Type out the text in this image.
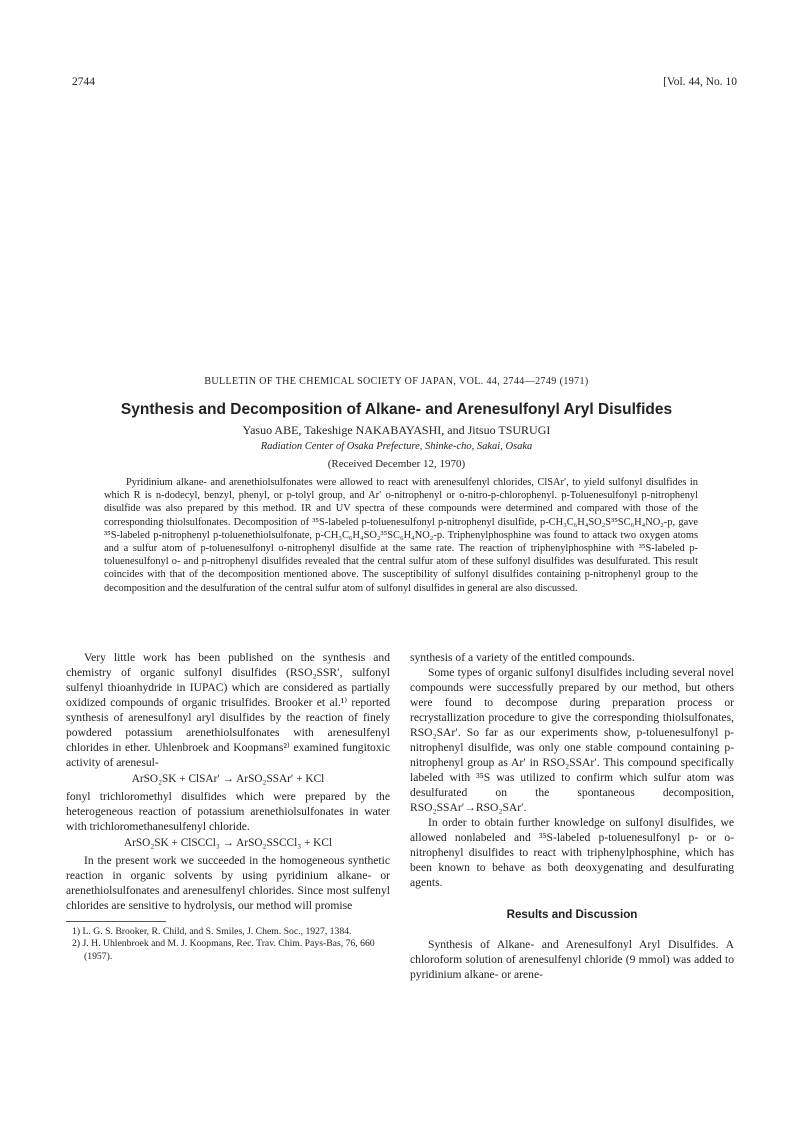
2744	[Vol. 44, No. 10
BULLETIN OF THE CHEMICAL SOCIETY OF JAPAN, VOL. 44, 2744—2749 (1971)
Synthesis and Decomposition of Alkane- and Arenesulfonyl Aryl Disulfides
Yasuo ABE, Takeshige NAKABAYASHI, and Jitsuo TSURUGI
Radiation Center of Osaka Prefecture, Shinke-cho, Sakai, Osaka
(Received December 12, 1970)

Pyridinium alkane- and arenethiolsulfonates were allowed to react with arenesulfenyl chlorides, ClSAr′, to yield sulfonyl disulfides in which R is n-dodecyl, benzyl, phenyl, or p-tolyl group, and Ar′ o-nitrophenyl or o-nitro-p-chlorophenyl. p-Toluenesulfonyl p-nitrophenyl disulfide was also prepared by this method. IR and UV spectra of these compounds were determined and compared with those of the corresponding thiolsulfonates. Decomposition of ³⁵S-labeled p-toluenesulfonyl p-nitrophenyl disulfide, p-CH₃C₆H₄SO₂S³⁵SC₆H₄NO₂-p, gave ³⁵S-labeled p-nitrophenyl p-toluenethiolsulfonate, p-CH₃C₆H₄SO₂³⁵SC₆H₄NO₂-p. Triphenylphosphine was found to attack two oxygen atoms and a sulfur atom of p-toluenesulfonyl o-nitrophenyl disulfide at the same rate. The reaction of triphenylphosphine with ³⁵S-labeled p-toluenesulfonyl o- and p-nitrophenyl disulfides revealed that the central sulfur atom of these sulfonyl disulfides was desulfurated. This result coincides with that of the decomposition mentioned above. The susceptibility of sulfonyl disulfides containing p-nitrophenyl group to the decomposition and the desulfuration of the central sulfur atom of sulfonyl disulfides in general are also discussed.

Very little work has been published on the synthesis and chemistry of organic sulfonyl disulfides (RSO₂SSR′, sulfonyl sulfenyl thioanhydride in IUPAC) which are considered as partially oxidized compounds of organic trisulfides. Brooker et al.¹⁾ reported synthesis of arenesulfonyl aryl disulfides by the reaction of finely powdered potassium arenethiolsulfonates with arenesulfenyl chlorides in ether. Uhlenbroek and Koopmans²⁾ examined fungitoxic activity of arenesul-

ArSO₂SK + ClSAr′ → ArSO₂SSAr′ + KCl

fonyl trichloromethyl disulfides which were prepared by the heterogeneous reaction of potassium arenethiolsulfonates in water with trichloromethanesulfenyl chloride.

ArSO₂SK + ClSCCl₃ → ArSO₂SSCCl₃ + KCl

In the present work we succeeded in the homogeneous synthetic reaction in organic solvents by using pyridinium alkane- or arenethiolsulfonates and arenesulfenyl chlorides. Since most sulfenyl chlorides are sensitive to hydrolysis, our method will promise

1) L. G. S. Brooker, R. Child, and S. Smiles, J. Chem. Soc., 1927, 1384.
2) J. H. Uhlenbroek and M. J. Koopmans, Rec. Trav. Chim. Pays-Bas, 76, 660 (1957).

synthesis of a variety of the entitled compounds.

Some types of organic sulfonyl disulfides including several novel compounds were successfully prepared by our method, but others were found to decompose during preparation process or recrystallization procedure to give the corresponding thiolsulfonates, RSO₂SAr′. So far as our experiments show, p-toluenesulfonyl p-nitrophenyl disulfide, was only one stable compound containing p-nitrophenyl group as Ar′ in RSO₂SSAr′. This compound specifically labeled with ³⁵S was utilized to confirm which sulfur atom was desulfurated on the spontaneous decomposition, RSO₂SSAr′→RSO₂SAr′.

In order to obtain further knowledge on sulfonyl disulfides, we allowed nonlabeled and ³⁵S-labeled p-toluenesulfonyl p- or o-nitrophenyl disulfides to react with triphenylphosphine, which has been known to behave as both deoxygenating and desulfurating agents.

Results and Discussion

Synthesis of Alkane- and Arenesulfonyl Aryl Disulfides. A chloroform solution of arenesulfenyl chloride (9 mmol) was added to pyridinium alkane- or arene-
